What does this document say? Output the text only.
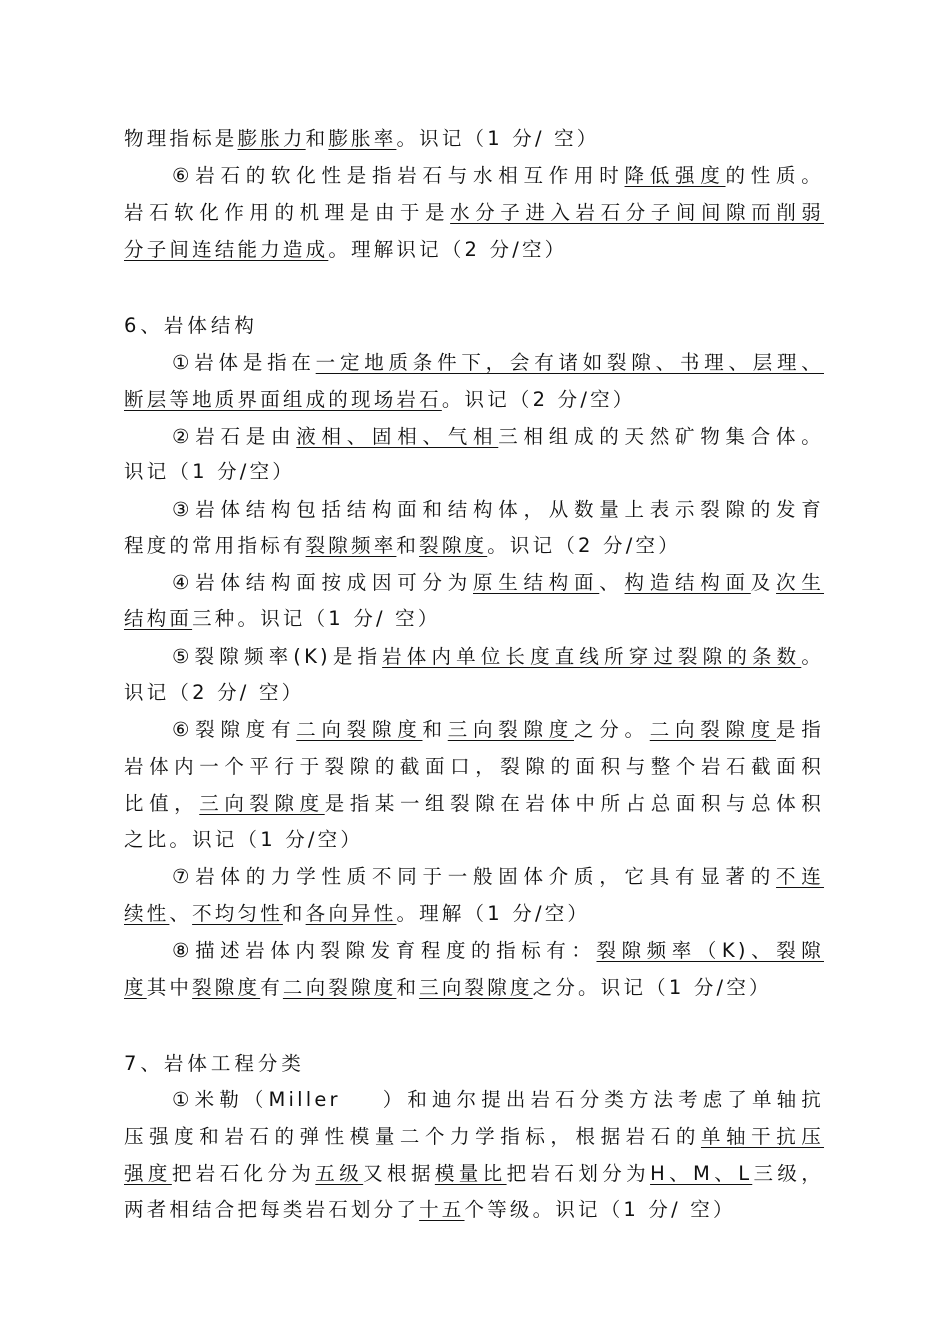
物理指标是膨胀力和膨胀率。识记（1 分/ 空）
⑥岩石的软化性是指岩石与水相互作用时降低强度的性质。
岩石软化作用的机理是由于是水分子进入岩石分子间间隙而削弱
分子间连结能力造成。理解识记（2 分/空）
6、岩体结构
①岩体是指在一定地质条件下，会有诸如裂隙、书理、层理、
断层等地质界面组成的现场岩石。识记（2 分/空）
②岩石是由液相、固相、气相三相组成的天然矿物集合体。
识记（1 分/空）
③岩体结构包括结构面和结构体，从数量上表示裂隙的发育
程度的常用指标有裂隙频率和裂隙度。识记（2 分/空）
④岩体结构面按成因可分为原生结构面、构造结构面及次生
结构面三种。识记（1 分/ 空）
⑤裂隙频率(K)是指岩体内单位长度直线所穿过裂隙的条数。
识记（2 分/ 空）
⑥裂隙度有二向裂隙度和三向裂隙度之分。二向裂隙度是指
岩体内一个平行于裂隙的截面口，裂隙的面积与整个岩石截面积
比值，三向裂隙度是指某一组裂隙在岩体中所占总面积与总体积
之比。识记（1 分/空）
⑦岩体的力学性质不同于一般固体介质，它具有显著的不连
续性、不均匀性和各向异性。理解（1 分/空）
⑧描述岩体内裂隙发育程度的指标有：裂隙频率（K)、裂隙
度其中裂隙度有二向裂隙度和三向裂隙度之分。识记（1 分/空）
7、岩体工程分类
①米勒（Miller ）和迪尔提出岩石分类方法考虑了单轴抗
压强度和岩石的弹性模量二个力学指标，根据岩石的单轴干抗压
强度把岩石化分为五级又根据模量比把岩石划分为H、M、L三级，
两者相结合把每类岩石划分了十五个等级。识记（1 分/ 空）
